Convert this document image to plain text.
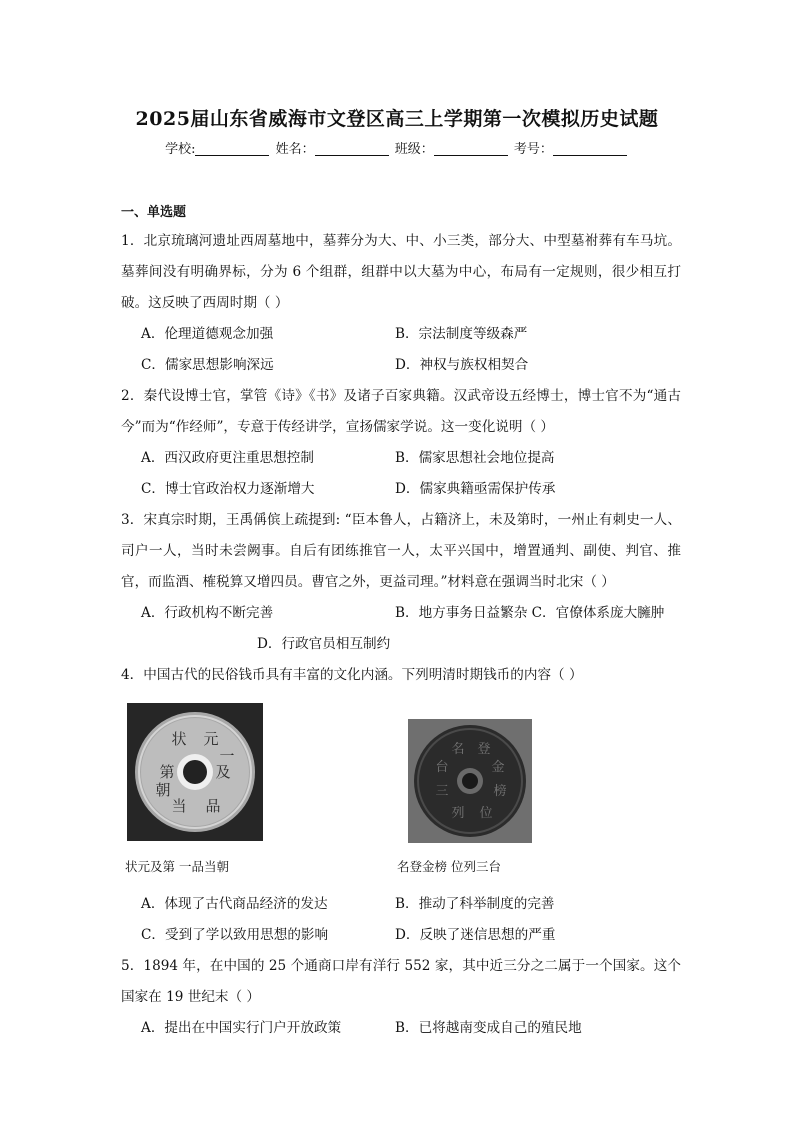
2025届山东省威海市文登区高三上学期第一次模拟历史试题
学校:	姓名：	班级：	考号：
一、单选题

1．北京琉璃河遗址西周墓地中，墓葬分为大、中、小三类，部分大、中型墓祔葬有车马坑。墓葬间没有明确界标，分为 6 个组群，组群中以大墓为中心，布局有一定规则，很少相互打破。这反映了西周时期（ ）

A．伦理道德观念加强	B．宗法制度等级森严
C．儒家思想影响深远	D．神权与族权相契合

2．秦代设博士官，掌管《诗》《书》及诸子百家典籍。汉武帝设五经博士，博士官不为“通古今”而为“作经师”，专意于传经讲学，宣扬儒家学说。这一变化说明（ ）

A．西汉政府更注重思想控制	B．儒家思想社会地位提高
C．博士官政治权力逐渐增大	D．儒家典籍亟需保护传承

3．宋真宗时期，王禹偁傧上疏提到: “臣本鲁人，占籍济上，未及第时，一州止有刺史一人、司户一人，当时未尝阙事。自后有团练推官一人，太平兴国中，增置通判、副使、判官、推官，而监酒、榷税算又增四员。曹官之外，更益司理。”材料意在强调当时北宋（ ）

A．行政机构不断完善	B．地方事务日益繁杂 C．官僚体系庞大臃肿
D．行政官员相互制约

4．中国古代的民俗钱币具有丰富的文化内涵。下列明清时期钱币的内容（ ）

状 元
及
第
一
品
当
朝
名 登
金
榜
位
列
三
台
状元及第 一品当朝	名登金榜 位列三台
A．体现了古代商品经济的发达	B．推动了科举制度的完善
C．受到了学以致用思想的影响	D．反映了迷信思想的严重

5．1894 年，在中国的 25 个通商口岸有洋行 552 家，其中近三分之二属于一个国家。这个国家在 19 世纪末（ ）

A．提出在中国实行门户开放政策	B．已将越南变成自己的殖民地
